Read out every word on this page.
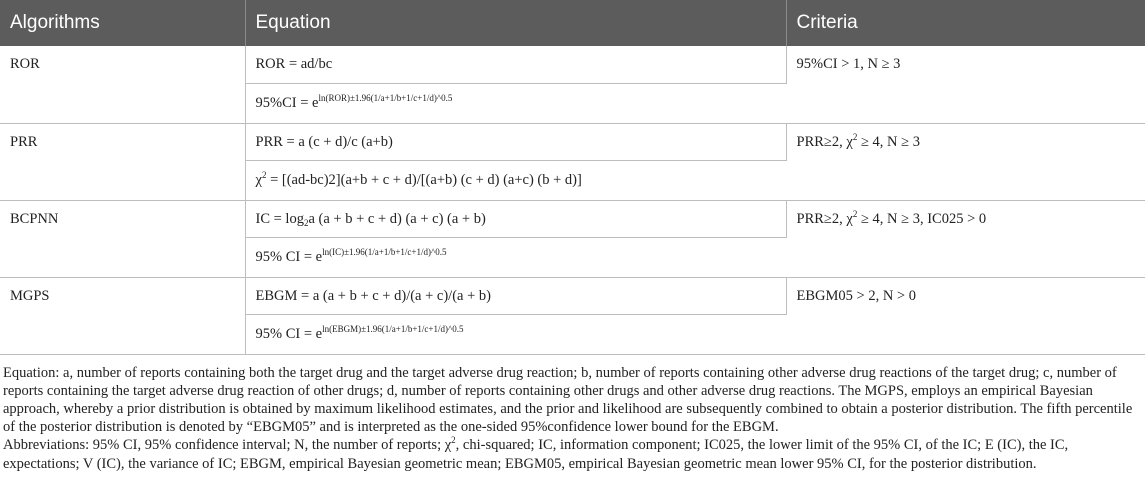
Algorithms	Equation	Criteria
ROR	ROR = ad/bc	95%CI > 1, N ≥ 3
	$95\%CI = e^{ln(ROR)\pm 1.96(1/a+1/b+1/c+1/d)\^{}0.5}$
PRR	PRR = a (c + d)/c (a+b)	PRR≥2, $\chi^2 \ge 4$, N ≥ 3
	$\chi^2 = [(ad-bc)2](a+b + c + d)/[(a+b) (c + d)$ (a+c) (b + d)]	
BCPNN	IC = $\log_2a$ (a + b + c + d) (a + c) (a + b)	PRR≥2, $\chi^2 \ge 4$, N ≥ 3, IC025 > 0
	95% CI = $e^{ln(IC)\pm 1.96(1/a+1/b+1/c+1/d)\^{}0.5}$
MGPS	EBGM = a (a + b + c + d)/(a + c)/(a + b)	EBGM05 > 2, N > 0
	95% CI = $e^{ln(EBGM)\pm 1.96(1/a+1/b+1/c+1/d)\^{}0.5}$

Equation: a, number of reports containing both the target drug and the target adverse drug reaction; b, number of reports containing other adverse drug reactions of the target drug; c, number of reports containing the target adverse drug reaction of other drugs; d, number of reports containing other drugs and other adverse drug reactions. The MGPS, employs an empirical Bayesian approach, whereby a prior distribution is obtained by maximum likelihood estimates, and the prior and likelihood are subsequently combined to obtain a posterior distribution. The fifth percentile of the posterior distribution is denoted by “EBGM05” and is interpreted as the one-sided 95%confidence lower bound for the EBGM.

Abbreviations: 95% CI, 95% confidence interval; N, the number of reports; $\chi^2$, chi-squared; IC, information component; IC025, the lower limit of the 95% CI, of the IC; E (IC), the IC, expectations; V (IC), the variance of IC; EBGM, empirical Bayesian geometric mean; EBGM05, empirical Bayesian geometric mean lower 95% CI, for the posterior distribution.
